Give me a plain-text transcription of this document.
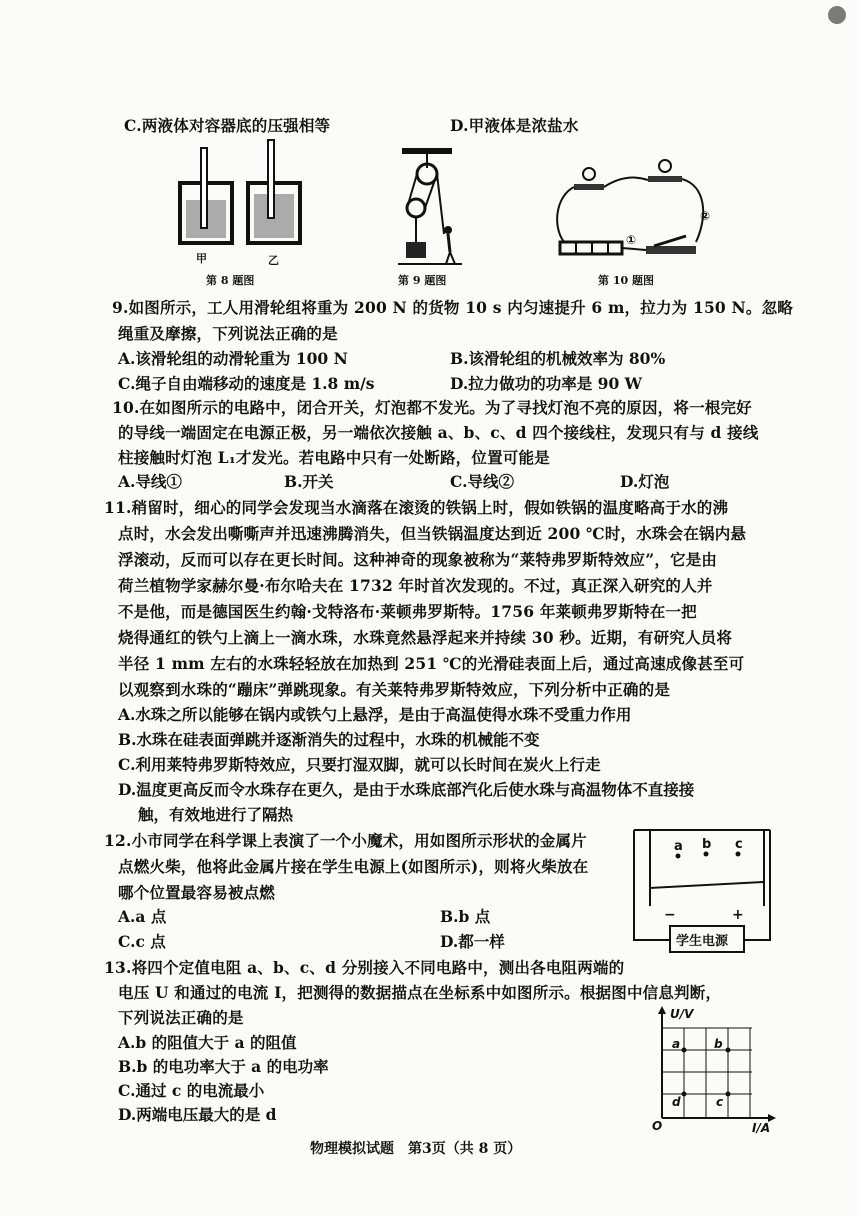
C.两液体对容器底的压强相等	D.甲液体是浓盐水
甲	乙
第 8 题图	第 9 题图
①
②
第 10 题图
9.如图所示，工人用滑轮组将重为 200 N 的货物 10 s 内匀速提升 6 m，拉力为 150 N。忽略
绳重及摩擦，下列说法正确的是
A.该滑轮组的动滑轮重为 100 N	B.该滑轮组的机械效率为 80%
C.绳子自由端移动的速度是 1.8 m/s	D.拉力做功的功率是 90 W
10.在如图所示的电路中，闭合开关，灯泡都不发光。为了寻找灯泡不亮的原因，将一根完好
的导线一端固定在电源正极，另一端依次接触 a、b、c、d 四个接线柱，发现只有与 d 接线
柱接触时灯泡 L₁才发光。若电路中只有一处断路，位置可能是
A.导线①	B.开关	C.导线②	D.灯泡
11.稍留时，细心的同学会发现当水滴落在滚烫的铁锅上时，假如铁锅的温度略高于水的沸
点时，水会发出嘶嘶声并迅速沸腾消失，但当铁锅温度达到近 200 ℃时，水珠会在锅内悬
浮滚动，反而可以存在更长时间。这种神奇的现象被称为“莱特弗罗斯特效应”，它是由
荷兰植物学家赫尔曼·布尔哈夫在 1732 年时首次发现的。不过，真正深入研究的人并
不是他，而是德国医生约翰·戈特洛布·莱顿弗罗斯特。1756 年莱顿弗罗斯特在一把
烧得通红的铁勺上滴上一滴水珠，水珠竟然悬浮起来并持续 30 秒。近期，有研究人员将
半径 1 mm 左右的水珠轻轻放在加热到 251 ℃的光滑硅表面上后，通过高速成像甚至可
以观察到水珠的“蹦床”弹跳现象。有关莱特弗罗斯特效应，下列分析中正确的是
A.水珠之所以能够在锅内或铁勺上悬浮，是由于高温使得水珠不受重力作用
B.水珠在硅表面弹跳并逐渐消失的过程中，水珠的机械能不变
C.利用莱特弗罗斯特效应，只要打湿双脚，就可以长时间在炭火上行走
D.温度更高反而令水珠存在更久，是由于水珠底部汽化后使水珠与高温物体不直接接
触，有效地进行了隔热
12.小市同学在科学课上表演了一个小魔术，用如图所示形状的金属片
点燃火柴，他将此金属片接在学生电源上(如图所示)，则将火柴放在
哪个位置最容易被点燃
A.a 点	B.b 点
C.c 点	D.都一样
a b c
−	+
学生电源
13.将四个定值电阻 a、b、c、d 分别接入不同电路中，测出各电阻两端的
电压 U 和通过的电流 I，把测得的数据描点在坐标系中如图所示。根据图中信息判断，
下列说法正确的是
A.b 的阻值大于 a 的阻值
B.b 的电功率大于 a 的电功率
C.通过 c 的电流最小
D.两端电压最大的是 d
a	b
c
d
U/V
I/A
O
物理模拟试题　第3页（共 8 页）
